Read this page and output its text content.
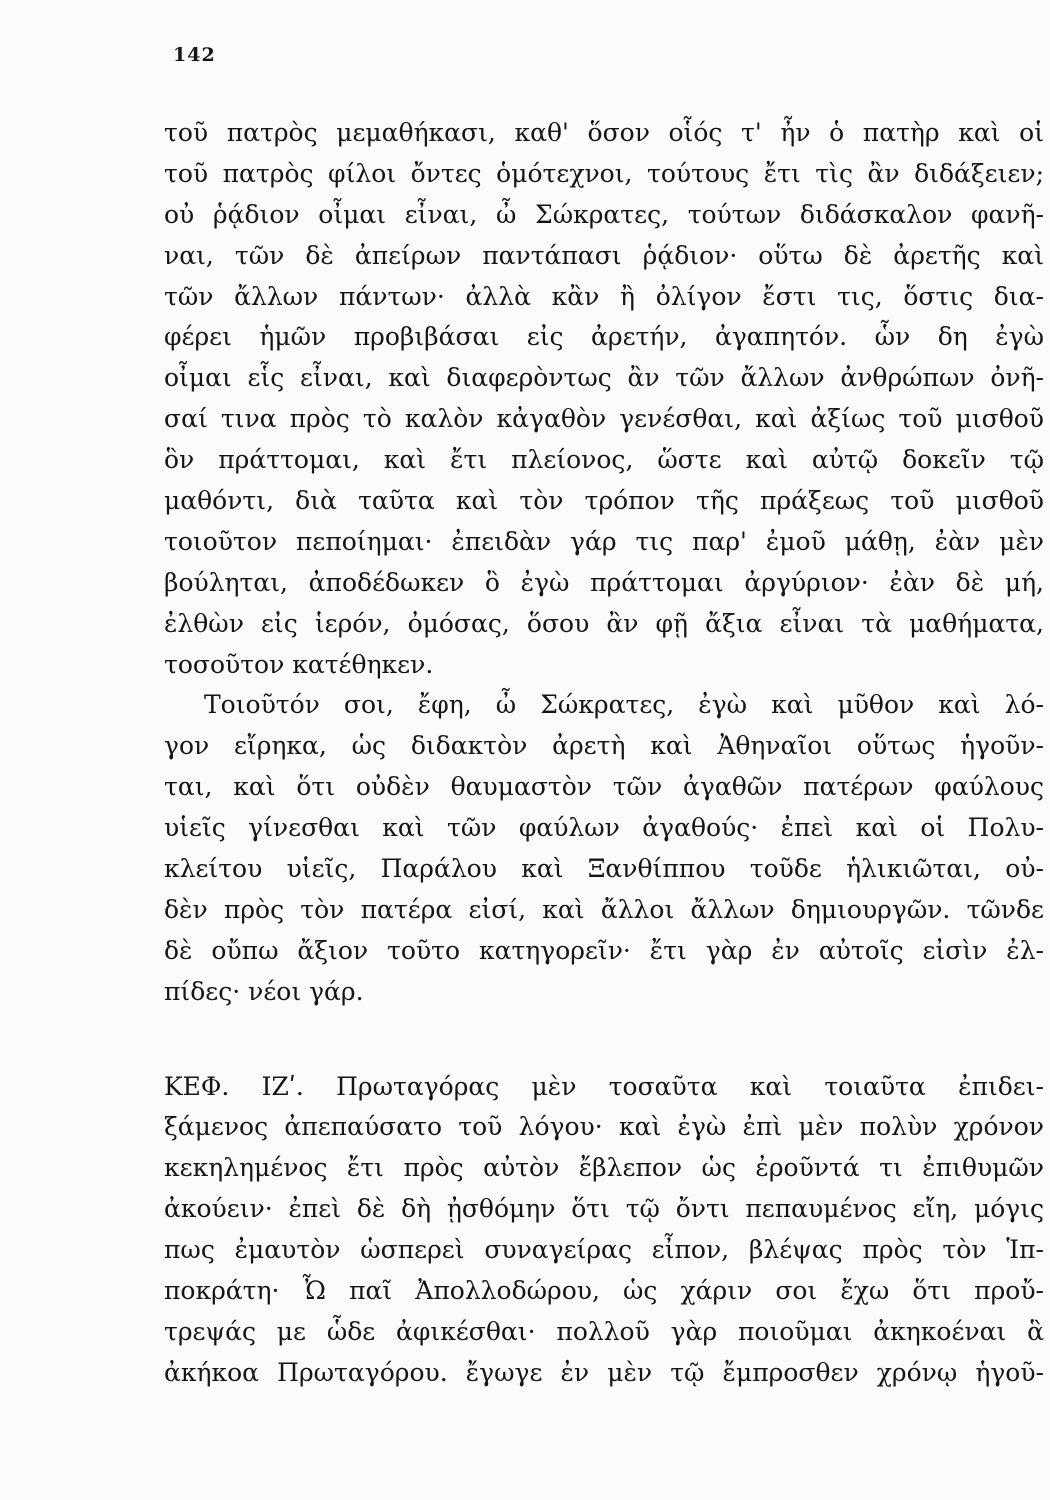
142
τοῦ πατρὸς μεμαθήκασι, καθ' ὅσον οἷός τ' ἦν ὁ πατὴρ καὶ οἱ
τοῦ πατρὸς φίλοι ὄντες ὁμότεχνοι, τούτους ἔτι τὶς ἂν διδάξειεν;
οὐ ῥᾴδιον οἶμαι εἶναι, ὦ Σώκρατες, τούτων διδάσκαλον φανῆ-
ναι, τῶν δὲ ἀπείρων παντάπασι ῥᾴδιον· οὕτω δὲ ἀρετῆς καὶ
τῶν ἄλλων πάντων· ἀλλὰ κἂν ἢ ὀλίγον ἔστι τις, ὅστις δια-
φέρει ἡμῶν προβιβάσαι εἰς ἀρετήν, ἀγαπητόν. ὧν δη ἐγὼ
οἶμαι εἷς εἶναι, καὶ διαφερὸντως ἂν τῶν ἄλλων ἀνθρώπων ὀνῆ-
σαί τινα πρὸς τὸ καλὸν κἀγαθὸν γενέσθαι, καὶ ἀξίως τοῦ μισθοῦ
ὃν πράττομαι, καὶ ἔτι πλείονος, ὥστε καὶ αὐτῷ δοκεῖν τῷ
μαθόντι, διὰ ταῦτα καὶ τὸν τρόπον τῆς πράξεως τοῦ μισθοῦ
τοιοῦτον πεποίημαι· ἐπειδὰν γάρ τις παρ' ἐμοῦ μάθῃ, ἐὰν μὲν
βούληται, ἀποδέδωκεν ὃ ἐγὼ πράττομαι ἀργύριον· ἐὰν δὲ μή,
ἐλθὼν εἰς ἱερόν, ὀμόσας, ὅσου ἂν φῇ ἄξια εἶναι τὰ μαθήματα,
τοσοῦτον κατέθηκεν.
Τοιοῦτόν σοι, ἔφη, ὦ Σώκρατες, ἐγὼ καὶ μῦθον καὶ λό-
γον εἴρηκα, ὡς διδακτὸν ἀρετὴ καὶ Ἀθηναῖοι οὕτως ἡγοῦν-
ται, καὶ ὅτι οὐδὲν θαυμαστὸν τῶν ἀγαθῶν πατέρων φαύλους
υἱεῖς γίνεσθαι καὶ τῶν φαύλων ἀγαθούς· ἐπεὶ καὶ οἱ Πολυ-
κλείτου υἱεῖς, Παράλου καὶ Ξανθίππου τοῦδε ἡλικιῶται, οὐ-
δὲν πρὸς τὸν πατέρα εἰσί, καὶ ἄλλοι ἄλλων δημιουργῶν. τῶνδε
δὲ οὔπω ἄξιον τοῦτο κατηγορεῖν· ἔτι γὰρ ἐν αὐτοῖς εἰσὶν ἐλ-
πίδες· νέοι γάρ.
ΚΕΦ. ΙΖʹ. Πρωταγόρας μὲν τοσαῦτα καὶ τοιαῦτα ἐπιδει-
ξάμενος ἀπεπαύσατο τοῦ λόγου· καὶ ἐγὼ ἐπὶ μὲν πολὺν χρόνον
κεκηλημένος ἔτι πρὸς αὐτὸν ἔβλεπον ὡς ἐροῦντά τι ἐπιθυμῶν
ἀκούειν· ἐπεὶ δὲ δὴ ᾐσθόμην ὅτι τῷ ὄντι πεπαυμένος εἴη, μόγις
πως ἐμαυτὸν ὡσπερεὶ συναγείρας εἶπον, βλέψας πρὸς τὸν Ἱπ-
ποκράτη· Ὦ παῖ Ἀπολλοδώρου, ὡς χάριν σοι ἔχω ὅτι προὔ-
τρεψάς με ὧδε ἀφικέσθαι· πολλοῦ γὰρ ποιοῦμαι ἀκηκοέναι ἃ
ἀκήκοα Πρωταγόρου. ἔγωγε ἐν μὲν τῷ ἔμπροσθεν χρόνῳ ἡγοῦ-
